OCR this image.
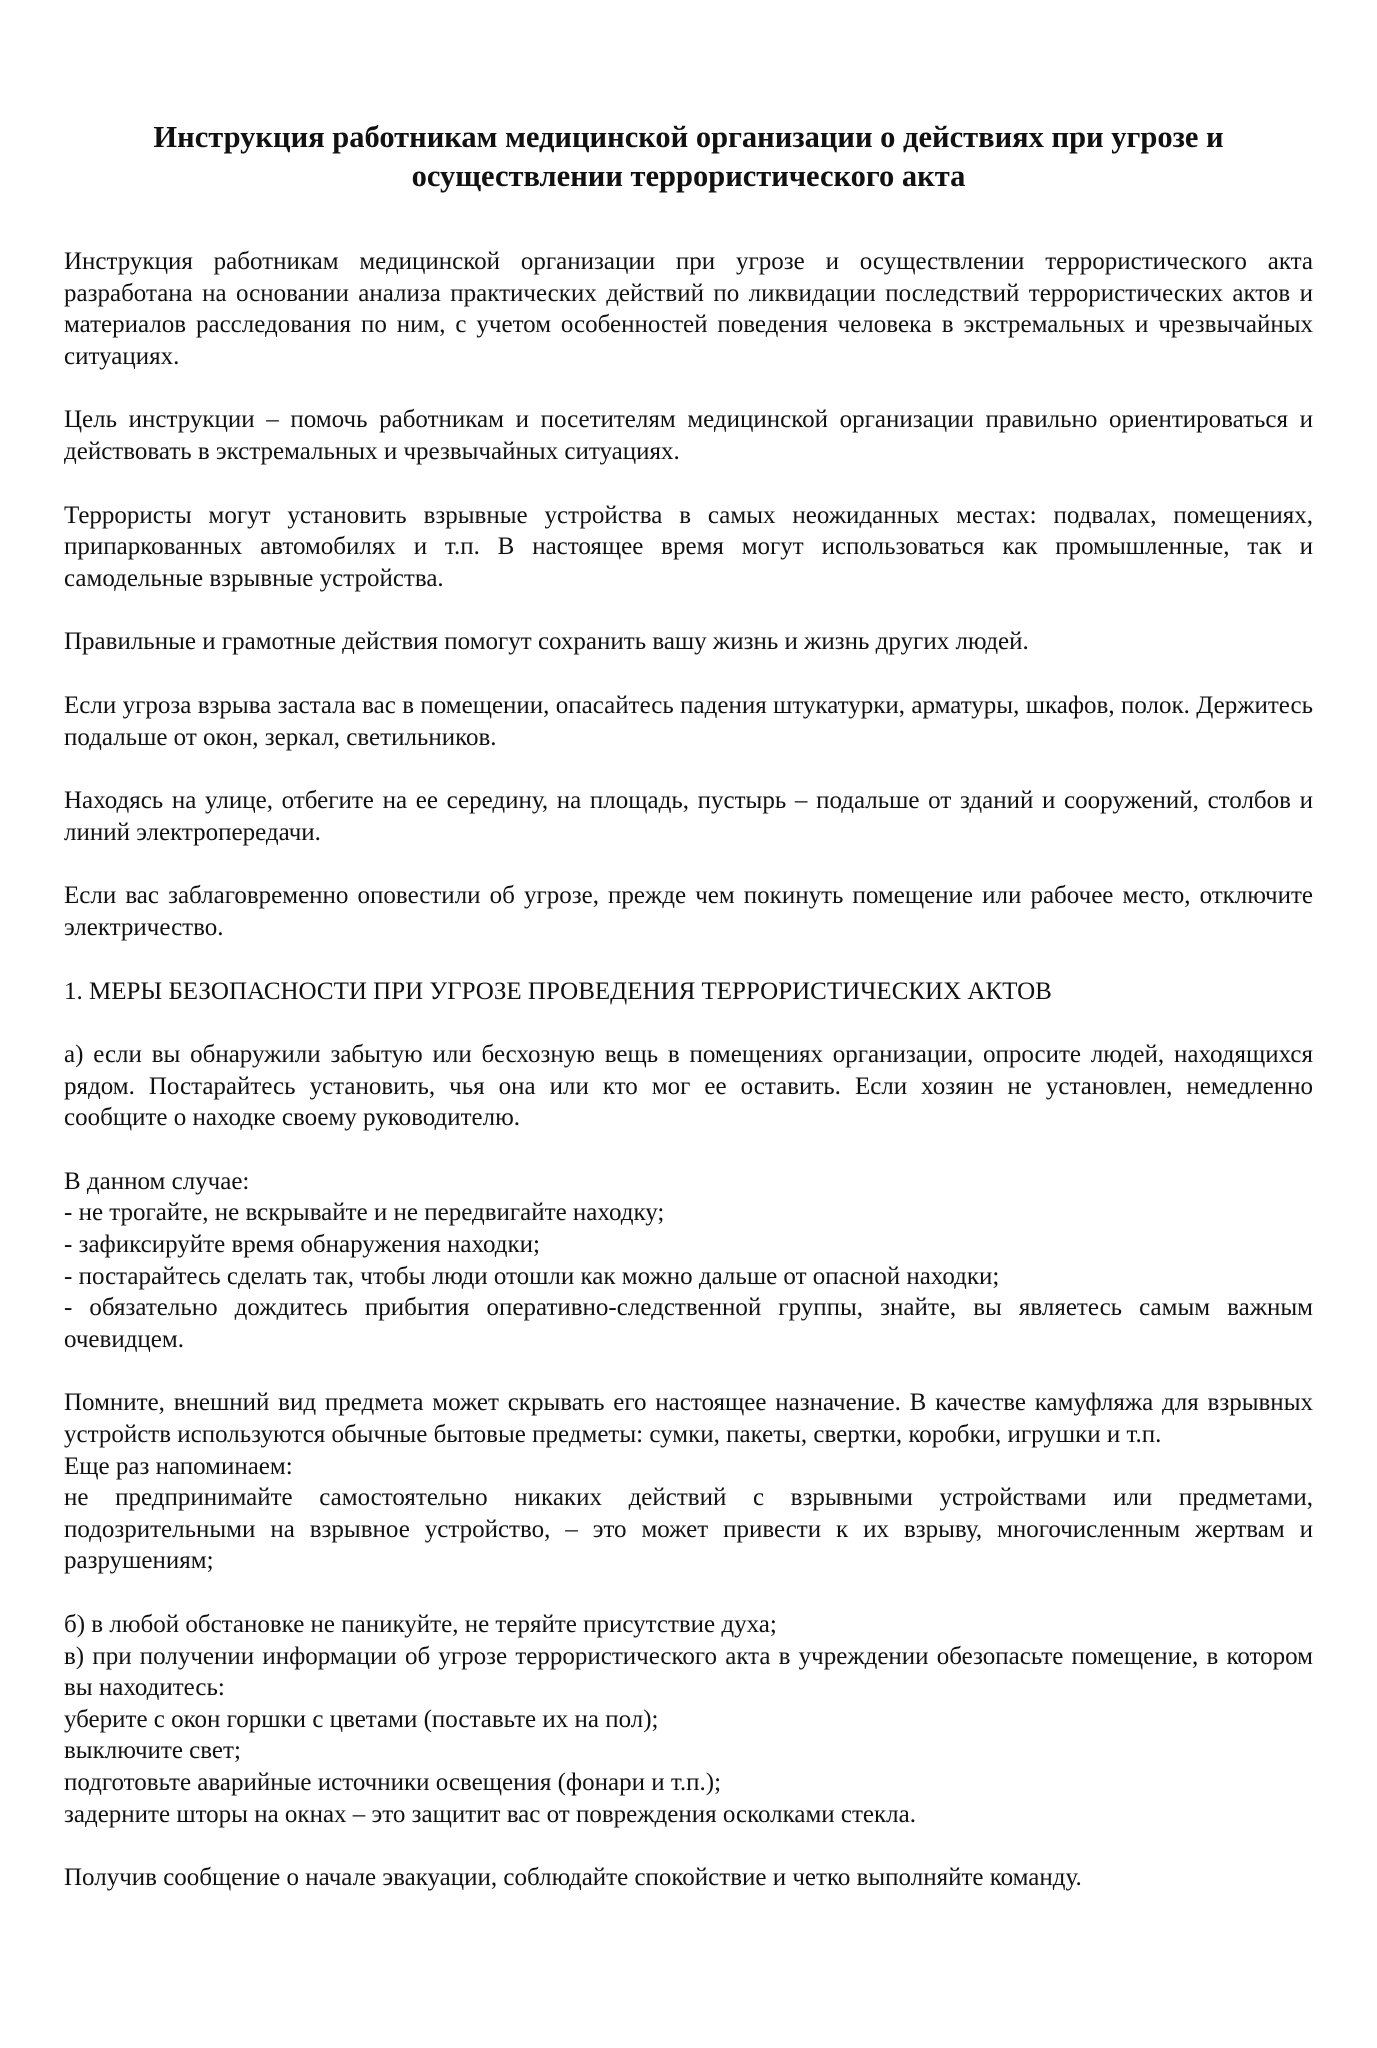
Инструкция работникам медицинской организации о действиях при угрозе и
осуществлении террористического акта

Инструкция работникам медицинской организации при угрозе и осуществлении террористического акта разработана на основании анализа практических действий по ликвидации последствий террористических актов и материалов расследования по ним, с учетом особенностей поведения человека в экстремальных и чрезвычайных ситуациях.

Цель инструкции – помочь работникам и посетителям медицинской организации правильно ориентироваться и действовать в экстремальных и чрезвычайных ситуациях.

Террористы могут установить взрывные устройства в самых неожиданных местах: подвалах, помещениях, припаркованных автомобилях и т.п. В настоящее время могут использоваться как промышленные, так и самодельные взрывные устройства.

Правильные и грамотные действия помогут сохранить вашу жизнь и жизнь других людей.

Если угроза взрыва застала вас в помещении, опасайтесь падения штукатурки, арматуры, шкафов, полок. Держитесь подальше от окон, зеркал, светильников.

Находясь на улице, отбегите на ее середину, на площадь, пустырь – подальше от зданий и сооружений, столбов и линий электропередачи.

Если вас заблаговременно оповестили об угрозе, прежде чем покинуть помещение или рабочее место, отключите электричество.

1. МЕРЫ БЕЗОПАСНОСТИ ПРИ УГРОЗЕ ПРОВЕДЕНИЯ ТЕРРОРИСТИЧЕСКИХ АКТОВ

а) если вы обнаружили забытую или бесхозную вещь в помещениях организации, опросите людей, находящихся рядом. Постарайтесь установить, чья она или кто мог ее оставить. Если хозяин не установлен, немедленно сообщите о находке своему руководителю.

В данном случае:

- не трогайте, не вскрывайте и не передвигайте находку;

- зафиксируйте время обнаружения находки;

- постарайтесь сделать так, чтобы люди отошли как можно дальше от опасной находки;

- обязательно дождитесь прибытия оперативно-следственной группы, знайте, вы являетесь самым важным очевидцем.

Помните, внешний вид предмета может скрывать его настоящее назначение. В качестве камуфляжа для взрывных устройств используются обычные бытовые предметы: сумки, пакеты, свертки, коробки, игрушки и т.п.

Еще раз напоминаем:

не предпринимайте самостоятельно никаких действий с взрывными устройствами или предметами, подозрительными на взрывное устройство, – это может привести к их взрыву, многочисленным жертвам и разрушениям;

б) в любой обстановке не паникуйте, не теряйте присутствие духа;

в) при получении информации об угрозе террористического акта в учреждении обезопасьте помещение, в котором вы находитесь:

уберите с окон горшки с цветами (поставьте их на пол);

выключите свет;

подготовьте аварийные источники освещения (фонари и т.п.);

задерните шторы на окнах – это защитит вас от повреждения осколками стекла.

Получив сообщение о начале эвакуации, соблюдайте спокойствие и четко выполняйте команду.
